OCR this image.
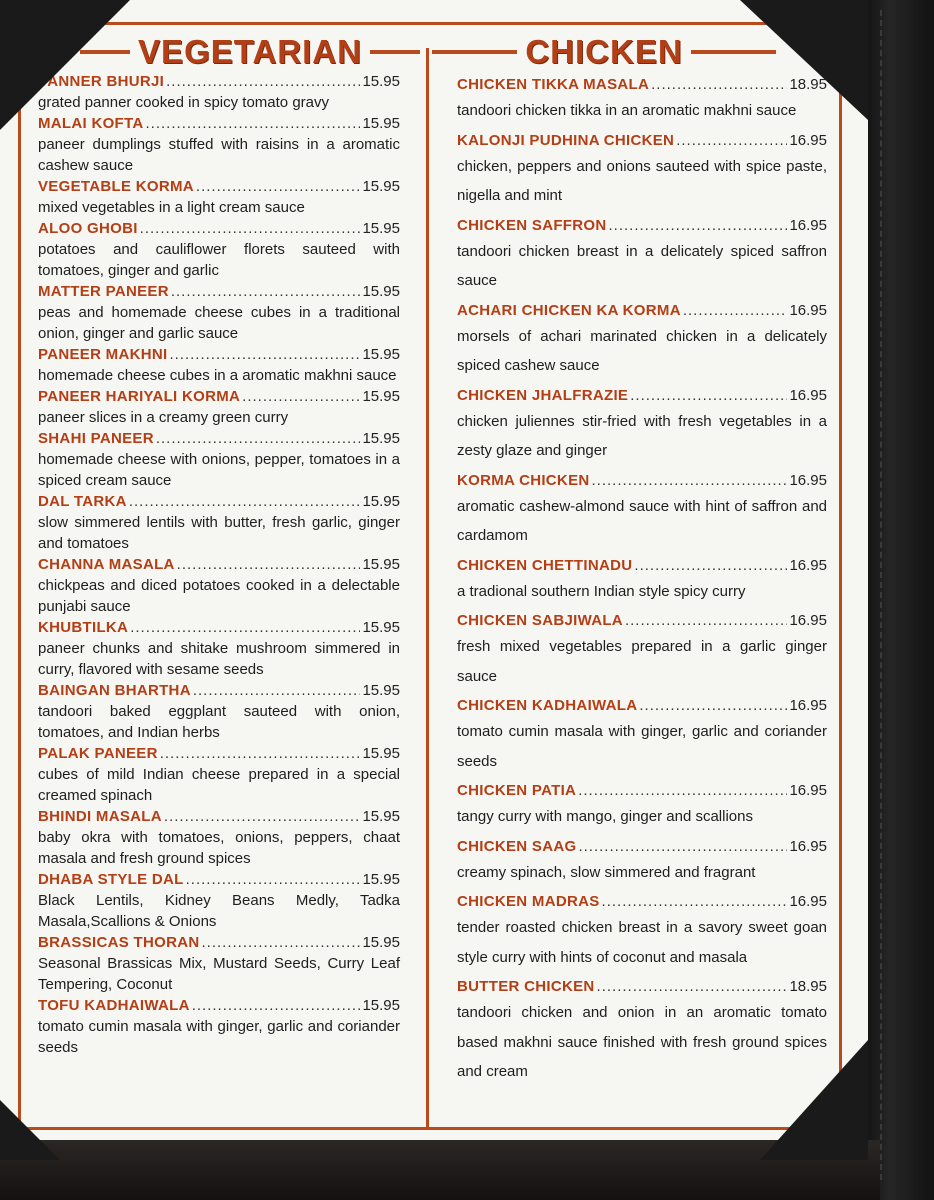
VEGETARIAN	CHICKEN
PANNER BHURJI .....	15.95
grated panner cooked in spicy tomato gravy
MALAI KOFTA .....	15.95
paneer dumplings stuffed with raisins in a aromatic cashew sauce
VEGETABLE KORMA .....	15.95
mixed vegetables in a light cream sauce
ALOO GHOBI .....	15.95
potatoes and cauliflower florets sauteed with tomatoes, ginger and garlic
MATTER PANEER .....	15.95
peas and homemade cheese cubes in a traditional onion, ginger and garlic sauce
PANEER MAKHNI .....	15.95
homemade cheese cubes in a aromatic makhni sauce
PANEER HARIYALI KORMA .....	15.95
paneer slices in a creamy green curry
SHAHI PANEER .....	15.95
homemade cheese with onions, pepper, tomatoes in a spiced cream sauce
DAL TARKA .....	15.95
slow simmered lentils with butter, fresh garlic, ginger and tomatoes
CHANNA MASALA .....	15.95
chickpeas and diced potatoes cooked in a delectable punjabi sauce
KHUBTILKA .....	15.95
paneer chunks and shitake mushroom simmered in curry, flavored with sesame seeds
BAINGAN BHARTHA .....	15.95
tandoori baked eggplant sauteed with onion, tomatoes, and Indian herbs
PALAK PANEER .....	15.95
cubes of mild Indian cheese prepared in a special creamed spinach
BHINDI MASALA .....	15.95
baby okra with tomatoes, onions, peppers, chaat masala and fresh ground spices
DHABA STYLE DAL .....	15.95
Black Lentils, Kidney Beans Medly, Tadka Masala,Scallions & Onions
BRASSICAS THORAN .....	15.95
Seasonal Brassicas Mix, Mustard Seeds, Curry Leaf Tempering, Coconut
TOFU KADHAIWALA .....	15.95
tomato cumin masala with ginger, garlic and coriander seeds
CHICKEN TIKKA MASALA .....	18.95
tandoori chicken tikka in an aromatic makhni sauce
KALONJI PUDHINA CHICKEN .....	16.95
chicken, peppers and onions sauteed with spice paste, nigella and mint
CHICKEN SAFFRON .....	16.95
tandoori chicken breast in a delicately spiced saffron sauce
ACHARI CHICKEN KA KORMA .....	16.95
morsels of achari marinated chicken in a delicately spiced cashew sauce
CHICKEN JHALFRAZIE .....	16.95
chicken juliennes stir-fried with fresh vegetables in a zesty glaze and ginger
KORMA CHICKEN .....	16.95
aromatic cashew-almond sauce with hint of saffron and cardamom
CHICKEN CHETTINADU .....	16.95
a tradional southern Indian style spicy curry
CHICKEN SABJIWALA .....	16.95
fresh mixed vegetables prepared in a garlic ginger sauce
CHICKEN KADHAIWALA .....	16.95
tomato cumin masala with ginger, garlic and coriander seeds
CHICKEN PATIA .....	16.95
tangy curry with mango, ginger and scallions
CHICKEN SAAG .....	16.95
creamy spinach, slow simmered and fragrant
CHICKEN MADRAS .....	16.95
tender roasted chicken breast in a savory sweet goan style curry with hints of coconut and masala
BUTTER CHICKEN .....	18.95
tandoori chicken and onion in an aromatic tomato based makhni sauce finished with fresh ground spices and cream
